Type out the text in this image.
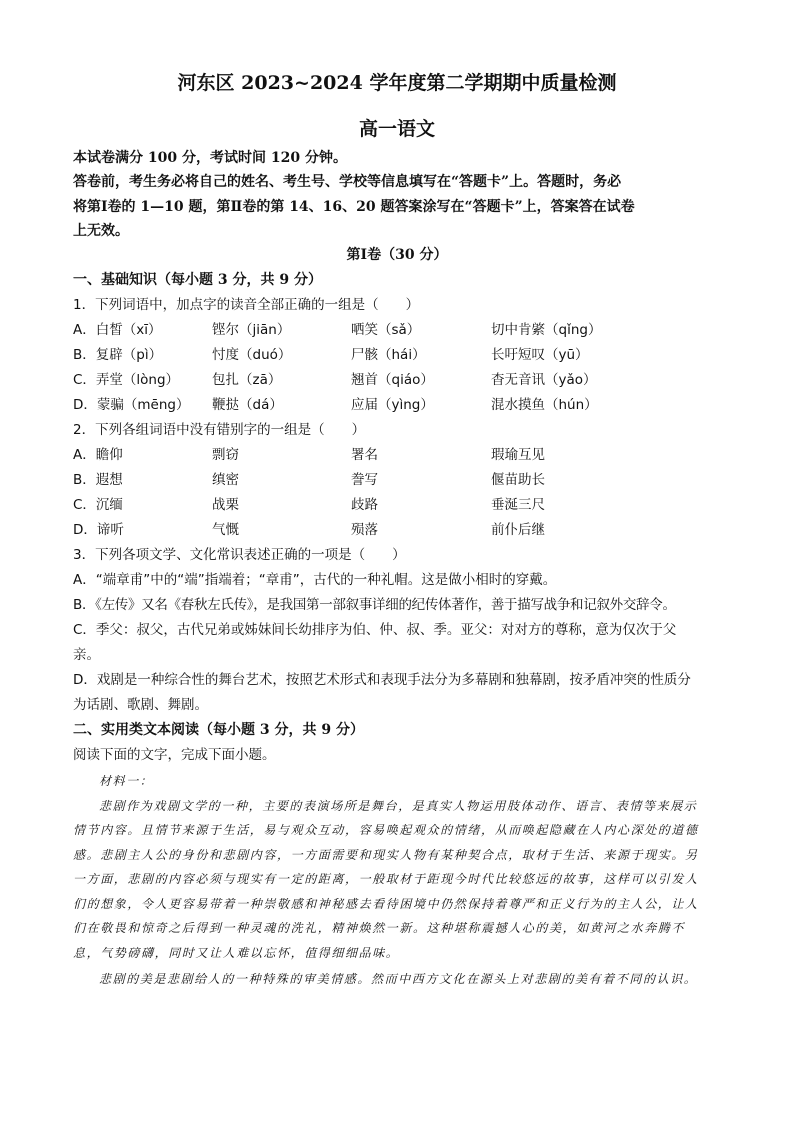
河东区 2023~2024 学年度第二学期期中质量检测
高一语文
本试卷满分 100 分，考试时间 120 分钟。
答卷前，考生务必将自己的姓名、考生号、学校等信息填写在“答题卡”上。答题时，务必
将第Ⅰ卷的 1—10 题，第Ⅱ卷的第 14、16、20 题答案涂写在“答题卡”上，答案答在试卷
上无效。
第Ⅰ卷（30 分）
一、基础知识（每小题 3 分，共 9 分）
1．下列词语中，加点字的读音全部正确的一组是（　　）
A．白皙（xī）	铿尔（jiān）	哂笑（sǎ）	切中肯綮（qǐng）
B．复辟（pì）	忖度（duó）	尸骸（hái）	长吁短叹（yū）
C．弄堂（lòng） 包扎（zā）	翘首（qiáo）	杳无音讯（yǎo）
D．蒙骗（mēng） 鞭挞（dá）	应届（yìng）	混水摸鱼（hún）
2．下列各组词语中没有错别字的一组是（　　）
A．瞻仰	剽窃	署名	瑕瑜互见
B．遐想	缜密	誊写	偃苗助长
C．沉缅	战栗	歧路	垂涎三尺
D．谛听	气慨	殒落	前仆后继
3．下列各项文学、文化常识表述正确的一项是（　　）
A．“端章甫”中的“端”指端着；“章甫”，古代的一种礼帽。这是做小相时的穿戴。
B．《左传》又名《春秋左氏传》，是我国第一部叙事详细的纪传体著作，善于描写战争和记叙外交辞令。
C．季父：叔父，古代兄弟或姊妹间长幼排序为伯、仲、叔、季。亚父：对对方的尊称，意为仅次于父
亲。
D．戏剧是一种综合性的舞台艺术，按照艺术形式和表现手法分为多幕剧和独幕剧，按矛盾冲突的性质分
为话剧、歌剧、舞剧。
二、实用类文本阅读（每小题 3 分，共 9 分）
阅读下面的文字，完成下面小题。
材料一：
悲剧作为戏剧文学的一种，主要的表演场所是舞台，是真实人物运用肢体动作、语言、表情等来展示
情节内容。且情节来源于生活，易与观众互动，容易唤起观众的情绪，从而唤起隐藏在人内心深处的道德
感。悲剧主人公的身份和悲剧内容，一方面需要和现实人物有某种契合点，取材于生活、来源于现实。另
一方面，悲剧的内容必须与现实有一定的距离，一般取材于距现今时代比较悠远的故事，这样可以引发人
们的想象，令人更容易带着一种崇敬感和神秘感去看待困境中仍然保持着尊严和正义行为的主人公，让人
们在敬畏和惊奇之后得到一种灵魂的洗礼，精神焕然一新。这种堪称震撼人心的美，如黄河之水奔腾不
息，气势磅礴，同时又让人难以忘怀，值得细细品味。
悲剧的美是悲剧给人的一种特殊的审美情感。然而中西方文化在源头上对悲剧的美有着不同的认识。
